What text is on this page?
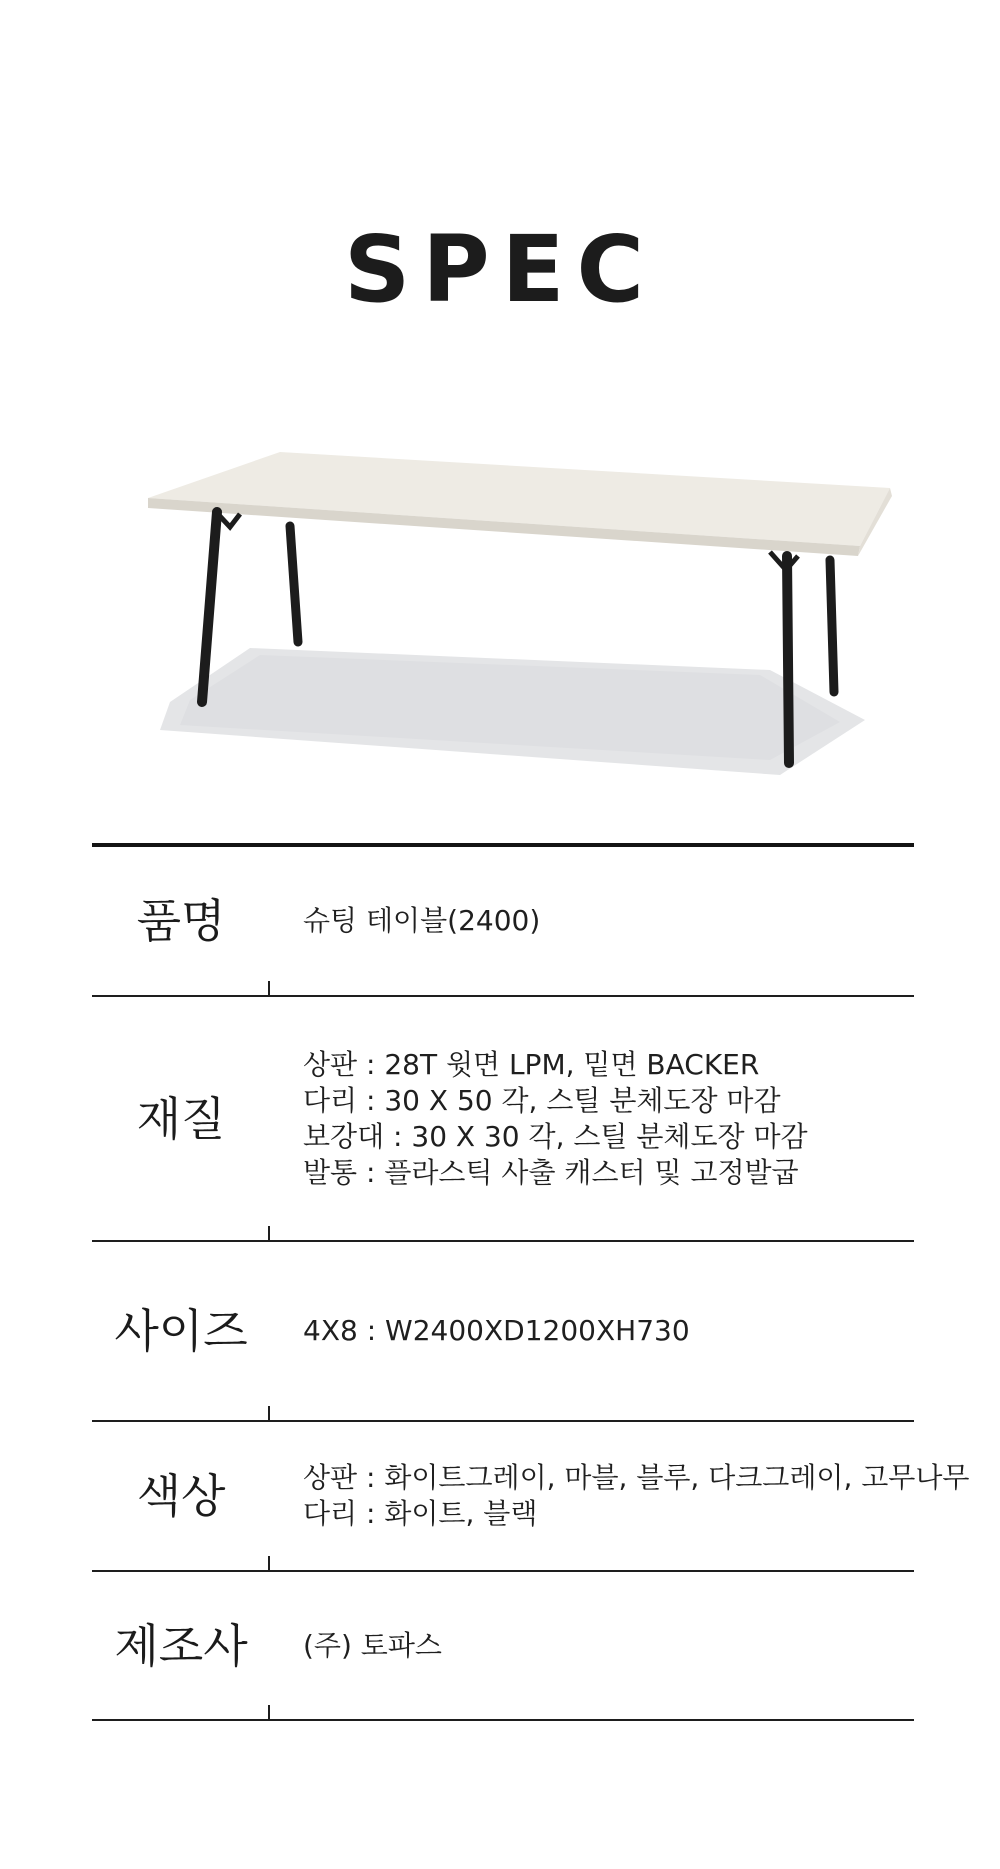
SPEC
품명	슈팅 테이블(2400)
재질
상판 : 28T 윗면 LPM, 밑면 BACKER
다리 : 30 X 50 각, 스틸 분체도장 마감
보강대 : 30 X 30 각, 스틸 분체도장 마감
발통 : 플라스틱 사출 캐스터 및 고정발굽
사이즈	4X8 : W2400XD1200XH730
색상	상판 : 화이트그레이, 마블, 블루, 다크그레이, 고무나무
다리 : 화이트, 블랙
제조사	(주) 토파스
